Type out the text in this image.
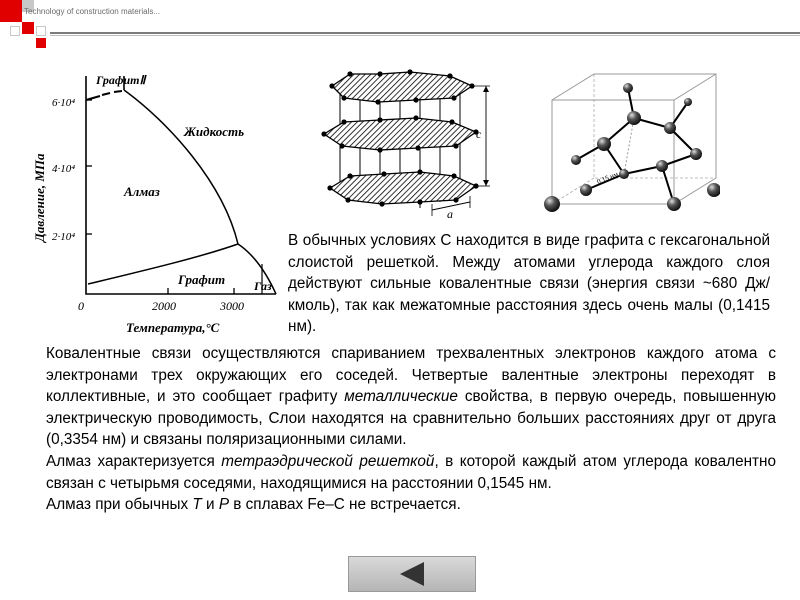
Technology of construction materials...
ГрафитⅡ
Жидкость
Алмаз
Графит Газ
6·10⁴
4·10⁴
2·10⁴
0	2000	3000
Температура,°С
Давление, МПа
c
a
0,15 нм
В обычных условиях С находится в виде графита с гексагональной слоистой решеткой. Между атомами углерода каждого слоя действуют сильные ковалентные связи (энергия связи ~680 Дж/кмоль), так как межатомные расстояния здесь очень малы (0,1415 нм).

Ковалентные связи осуществляются спариванием трехвалентных электронов каждого атома с электронами трех окружающих его соседей. Четвертые валентные электроны переходят в коллективные, и это сообщает графиту металлические свойства, в первую очередь, повышенную электрическую проводимость, Слои находятся на сравнительно больших расстояниях друг от друга (0,3354 нм) и связаны поляризационными силами.

Алмаз характеризуется тетраэдрической решеткой, в которой каждый атом углерода ковалентно связан с четырьмя соседями, находящимися на расстоянии 0,1545 нм.

Алмаз при обычных T и P в сплавах Fe–C не встречается.
